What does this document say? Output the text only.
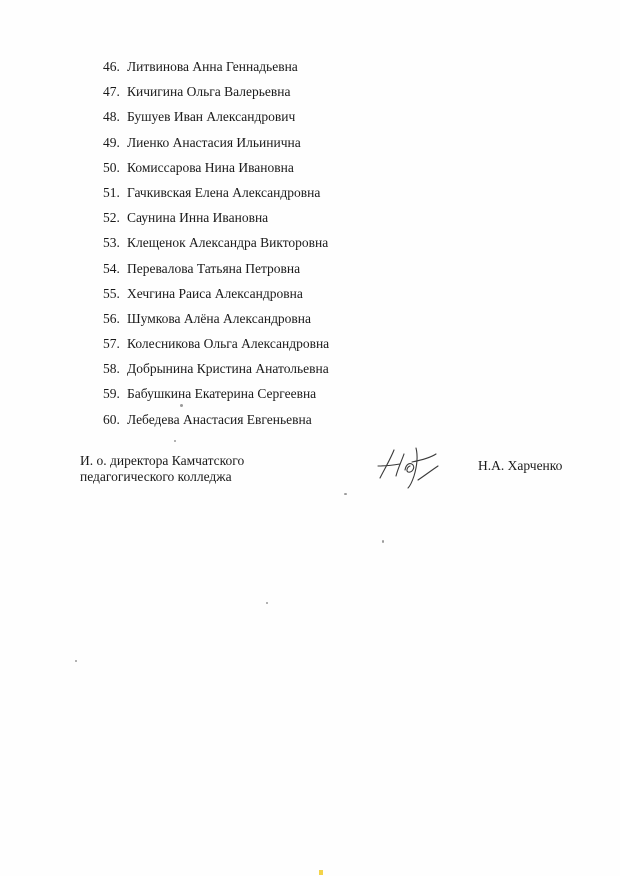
46. Литвинова Анна Геннадьевна
47. Кичигина Ольга Валерьевна
48. Бушуев Иван Александрович
49. Лиенко Анастасия Ильинична
50. Комиссарова Нина Ивановна
51. Гачкивская Елена Александровна
52. Саунина Инна Ивановна
53. Клещенок Александра Викторовна
54. Перевалова Татьяна Петровна
55. Хечгина Раиса Александровна
56. Шумкова Алёна Александровна
57. Колесникова Ольга Александровна
58. Добрынина Кристина Анатольевна
59. Бабушкина Екатерина Сергеевна
60. Лебедева Анастасия Евгеньевна
И. о. директора Камчатского
педагогического колледжа
Н.А. Харченко
